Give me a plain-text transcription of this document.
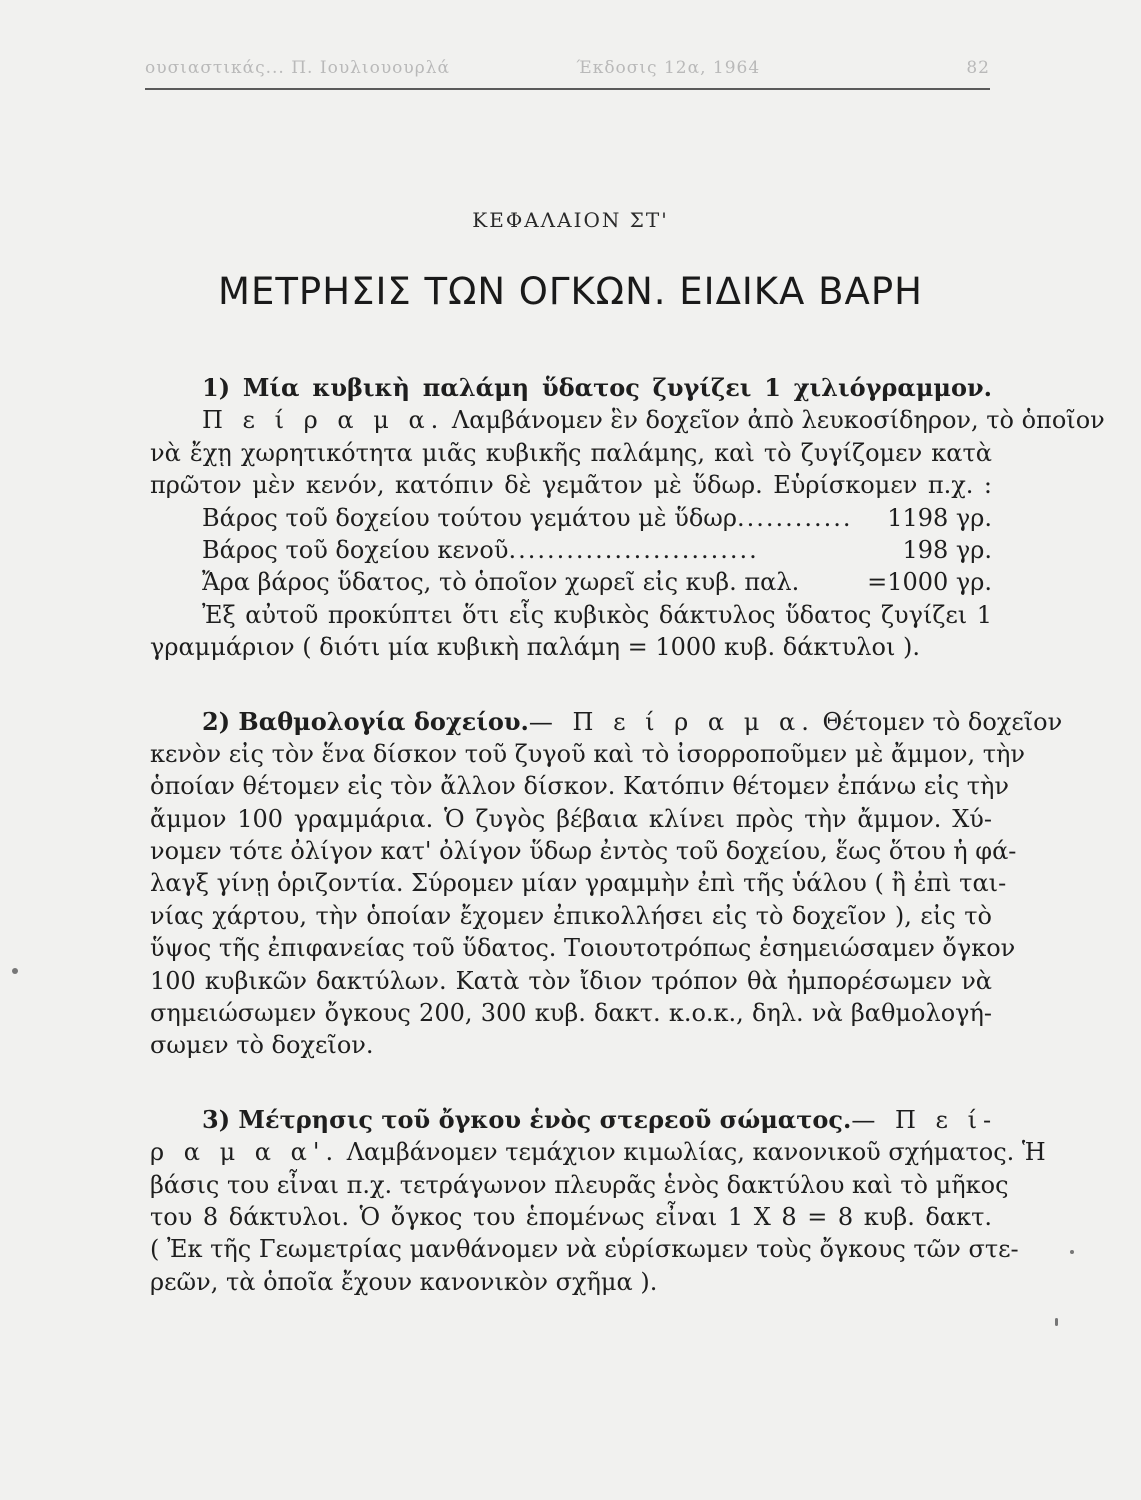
ουσιαστικάς... Π. Ιουλιουουρλά	Έκδοσις 12α, 1964	82
ΚΕΦΑΛΑΙΟΝ ΣΤ'
ΜΕΤΡΗΣΙΣ ΤΩΝ ΟΓΚΩΝ. ΕΙΔΙΚΑ ΒΑΡΗ
1) Μία κυβικὴ παλάμη ὕδατος ζυγίζει 1 χιλιόγραμμον.
Π ε ί ρ α μ α. Λαμβάνομεν ἓν δοχεῖον ἀπὸ λευκοσίδηρον, τὸ ὁποῖον
νὰ ἔχῃ χωρητικότητα μιᾶς κυβικῆς παλάμης, καὶ τὸ ζυγίζομεν κατὰ
πρῶτον μὲν κενόν, κατόπιν δὲ γεμᾶτον μὲ ὕδωρ. Εὑρίσκομεν π.χ. :
Βάρος τοῦ δοχείου τούτου γεμάτου μὲ ὕδωρ ............	1198 γρ.
Βάρος τοῦ δοχείου κενοῦ ..........................	198 γρ.
Ἄρα βάρος ὕδατος, τὸ ὁποῖον χωρεῖ εἰς κυβ. παλ.	= 1000 γρ.
Ἐξ αὐτοῦ προκύπτει ὅτι εἷς κυβικὸς δάκτυλος ὕδατος ζυγίζει 1
γραμμάριον ( διότι μία κυβικὴ παλάμη = 1000 κυβ. δάκτυλοι ).
2) Βαθμολογία δοχείου.— Π ε ί ρ α μ α. Θέτομεν τὸ δοχεῖον
κενὸν εἰς τὸν ἕνα δίσκον τοῦ ζυγοῦ καὶ τὸ ἰσορροποῦμεν μὲ ἄμμον, τὴν
ὁποίαν θέτομεν εἰς τὸν ἄλλον δίσκον. Κατόπιν θέτομεν ἐπάνω εἰς τὴν
ἄμμον 100 γραμμάρια. Ὁ ζυγὸς βέβαια κλίνει πρὸς τὴν ἄμμον. Χύ-
νομεν τότε ὀλίγον κατ' ὀλίγον ὕδωρ ἐντὸς τοῦ δοχείου, ἕως ὅτου ἡ φά-
λαγξ γίνῃ ὁριζοντία. Σύρομεν μίαν γραμμὴν ἐπὶ τῆς ὑάλου ( ἢ ἐπὶ ται-
νίας χάρτου, τὴν ὁποίαν ἔχομεν ἐπικολλήσει εἰς τὸ δοχεῖον ), εἰς τὸ
ὕψος τῆς ἐπιφανείας τοῦ ὕδατος. Τοιουτοτρόπως ἐσημειώσαμεν ὄγκον
100 κυβικῶν δακτύλων. Κατὰ τὸν ἴδιον τρόπον θὰ ἠμπορέσωμεν νὰ
σημειώσωμεν ὄγκους 200, 300 κυβ. δακτ. κ.ο.κ., δηλ. νὰ βαθμολογή-
σωμεν τὸ δοχεῖον.
3) Μέτρησις τοῦ ὄγκου ἑνὸς στερεοῦ σώματος.— Π ε ί-
ρ α μ α α'. Λαμβάνομεν τεμάχιον κιμωλίας, κανονικοῦ σχήματος. Ἡ
βάσις του εἶναι π.χ. τετράγωνον πλευρᾶς ἑνὸς δακτύλου καὶ τὸ μῆκος
του 8 δάκτυλοι. Ὁ ὄγκος του ἑπομένως εἶναι 1 Χ 8 = 8 κυβ. δακτ.
( Ἐκ τῆς Γεωμετρίας μανθάνομεν νὰ εὑρίσκωμεν τοὺς ὄγκους τῶν στε-
ρεῶν, τὰ ὁποῖα ἔχουν κανονικὸν σχῆμα ).
